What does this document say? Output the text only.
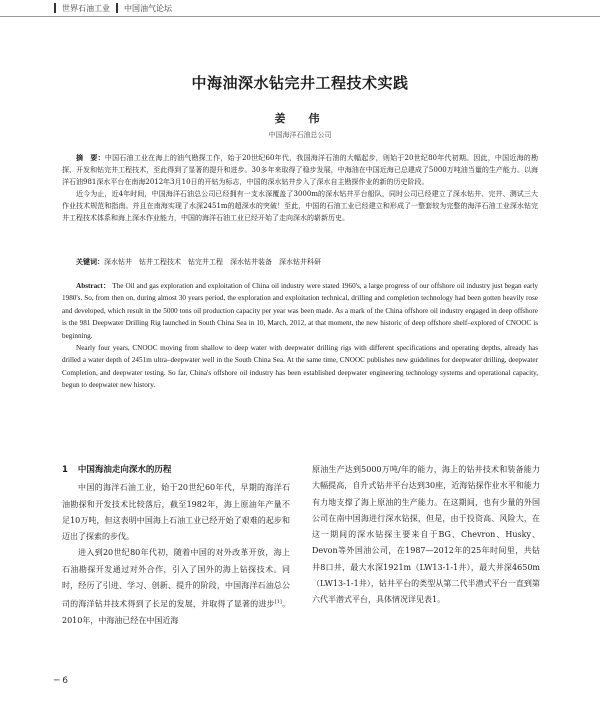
世界石油工业 中国油气论坛
中海油深水钻完井工程技术实践
姜　伟
中国海洋石油总公司

摘　要：中国石油工业在海上的油气勘探工作，始于20世纪60年代，我国海洋石油的大幅起步，则始于20世纪80年代初期。因此，中国近海的勘探、开发和钻完井工程技术，至此得到了显著的提升和进步。30多年来取得了稳步发展，中海油在中国近海已总建成了5000万吨油当量的生产能力。以海洋石油981深水平台在南海2012年3月10日的开钻为标志，中国的深水钻井步入了深水自主勘探作业的新的历史阶段。

近今为止，近4年时间，中国海洋石油总公司已经拥有一支水深覆盖了3000m的深水钻井平台船队，同时公司已经建立了深水钻井、完井、测试三大作业技术规范和指南。并且在南海实现了水深2451m的超深水的突破！至此，中国的石油工业已经建立和形成了一整套较为完整的海洋石油工业深水钻完井工程技术体系和海上深水作业能力，中国的海洋石油工业已经开始了走向深水的崭新历史。

关键词：深水钻井　钻井工程技术　钻完井工程　深水钻井装备　深水钻井科研

Abstract： The Oil and gas exploration and exploitation of China oil industry were stated 1960's, a large progress of our offshore oil industry just began early 1980's. So, from then on, during almost 30 years period, the exploration and exploitation technical, drilling and completion technology had been gotten heavily rose and developed, which result in the 5000 tons oil production capacity per year was been made. As a mark of the China offshore oil industry engaged in deep offshore is the 981 Deepwater Drilling Rig launched in South China Sea in 10, March, 2012, at that moment, the new historic of deep offshore shelf–explored of CNOOC is beginning.

Nearly four years, CNOOC moving from shallow to deep water with deepwater drilling rigs with different specifications and operating depths, already has drilled a water depth of 2451m ultra–deepwater well in the South China Sea. At the same time, CNOOC publishes new guidelines for deepwater drilling, deepwater Completion, and deepwater testing. So far, China's offshore oil industry has been established deepwater engineering technology systems and operational capacity, begun to deepwater new history.

1 中国海油走向深水的历程

中国的海洋石油工业，始于20世纪60年代，早期的海洋石油勘探和开发技术比较落后，截至1982年，海上原油年产量不足10万吨，但这表明中国海上石油工业已经开始了艰难的起步和迈出了探索的步伐。

进入到20世纪80年代初，随着中国的对外改革开放，海上石油勘探开发通过对外合作，引入了国外的海上钻探技术。同时，经历了引进、学习、创新、提升的阶段，中国海洋石油总公司的海洋钻井技术得到了长足的发展，并取得了显著的进步[1]。2010年，中海油已经在中国近海

原油生产达到5000万吨/年的能力，海上的钻井技术和装备能力大幅提高，自升式钻井平台达到30座，近海钻探作业水平和能力有力地支撑了海上原油的生产能力。在这期间，也有少量的外国公司在南中国海进行深水钻探，但是，由于投资高、风险大，在这一期间的深水钻探主要来自于BG、Chevron、Husky、Devon等外国油公司，在1987—2012年的25年时间里，共钻井8口井，最大水深1921m（LW13-1-1井），最大井深4650m（LW13-1-1井），钻井平台的类型从第二代半潜式平台一直到第六代半潜式平台，具体情况详见表1。

─ 6
